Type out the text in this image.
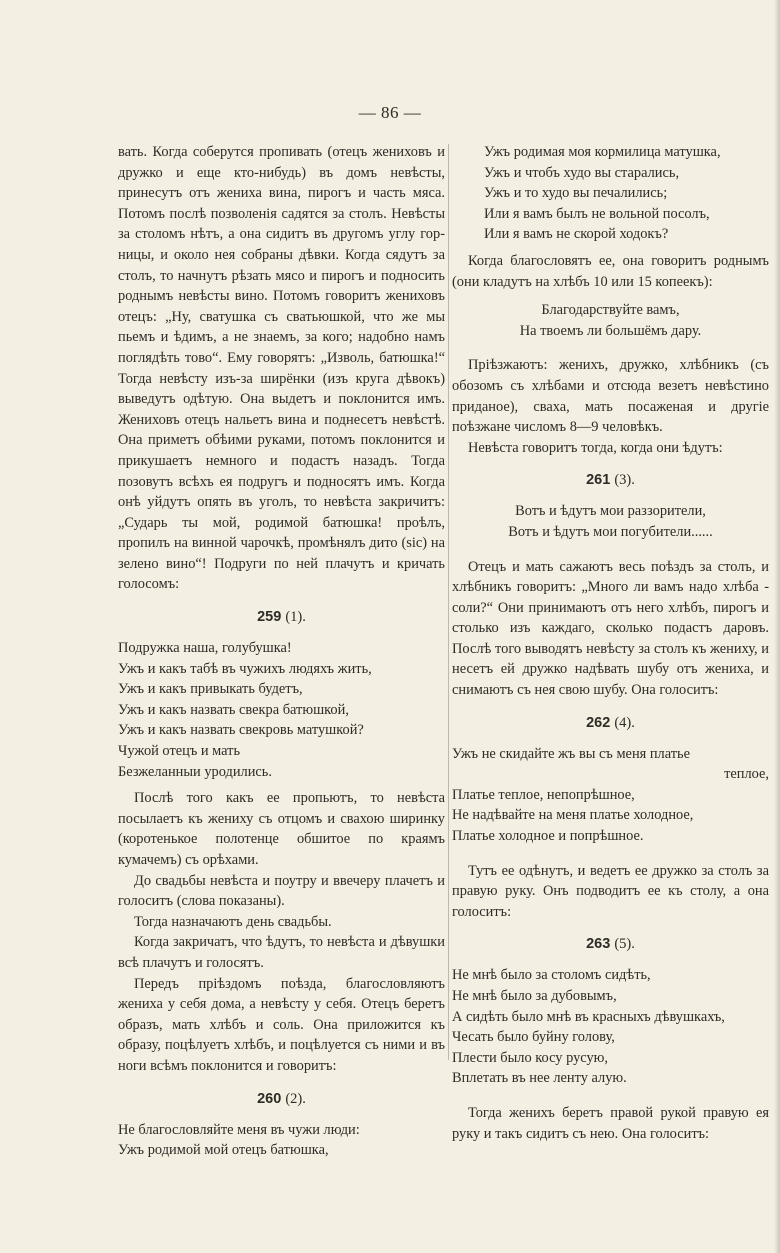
— 86 —

вать. Когда соберутся пропивать (отецъ жениховъ и дружко и еще кто-нибудь) въ домъ невѣсты, принесутъ отъ жениха вина, пирогъ и часть мяса. Потомъ послѣ позволенія садятся за столъ. Невѣсты за столомъ нѣтъ, а она сидитъ въ другомъ углу горницы, и около нея собраны дѣвки. Когда сядутъ за столъ, то начнутъ рѣзать мясо и пирогъ и подносить роднымъ невѣсты вино. Потомъ говоритъ жениховъ отецъ: „Ну, сватушка съ сватьюшкой, что же мы пьемъ и ѣдимъ, а не знаемъ, за кого; надобно намъ поглядѣть тово“. Ему говорятъ: „Изволь, батюшка!“ Тогда невѣсту изъ-за ширёнки (изъ круга дѣвокъ) выведутъ одѣтую. Она выдетъ и поклонится имъ. Жениховъ отецъ нальетъ вина и поднесетъ невѣстѣ. Она приметъ обѣими руками, потомъ поклонится и прикушаетъ немного и подастъ назадъ. Тогда позовутъ всѣхъ ея подругъ и подносятъ имъ. Когда онѣ уйдутъ опять въ уголъ, то невѣста закричитъ: „Сударь ты мой, родимой батюшка! проѣлъ, пропилъ на винной чарочкѣ, промѣнялъ дито (sic) на зелено вино“! Подруги по ней плачутъ и кричать голосомъ:

259 (1).
Подружка наша, голубушка!
Ужъ и какъ табѣ въ чужихъ людяхъ жить,
Ужъ и какъ привыкать будетъ,
Ужъ и какъ назвать свекра батюшкой,
Ужъ и какъ назвать свекровь матушкой?
Чужой отецъ и мать
Безжеланныи уродились.

Послѣ того какъ ее пропьютъ, то невѣста посылаетъ къ жениху съ отцомъ и свахою ширинку (коротенькое полотенце обшитое по краямъ кумачемъ) съ орѣхами.

До свадьбы невѣста и поутру и ввечеру плачетъ и голоситъ (слова показаны).

Тогда назначаютъ день свадьбы.

Когда закричатъ, что ѣдутъ, то невѣста и дѣвушки всѣ плачутъ и голосятъ.

Передъ пріѣздомъ поѣзда, благословляютъ жениха у себя дома, а невѣсту у себя. Отецъ беретъ образъ, мать хлѣбъ и соль. Она приложится къ образу, поцѣлуетъ хлѣбъ, и поцѣлуется съ ними и въ ноги всѣмъ поклонится и говоритъ:

260 (2).
Не благословляйте меня въ чужи люди:
Ужъ родимой мой отецъ батюшка,
Ужъ родимая моя кормилица матушка,
Ужъ и чтобъ худо вы старались,
Ужъ и то худо вы печалились;
Или я вамъ былъ не вольной посолъ,
Или я вамъ не скорой ходокъ?

Когда благословятъ ее, она говоритъ роднымъ (они кладутъ на хлѣбъ 10 или 15 копеекъ):

Благодарствуйте вамъ,
На твоемъ ли большёмъ дару.

Пріѣзжаютъ: женихъ, дружко, хлѣбникъ (съ обозомъ съ хлѣбами и отсюда везетъ невѣстино приданое), сваха, мать посаженая и другіе поѣзжане числомъ 8—9 человѣкъ.

Невѣста говоритъ тогда, когда они ѣдутъ:

261 (3).
Вотъ и ѣдутъ мои раззорители,
Вотъ и ѣдутъ мои погубители......

Отецъ и мать сажаютъ весь поѣздъ за столъ, и хлѣбникъ говоритъ: „Много ли вамъ надо хлѣба - соли?“ Они принимаютъ отъ него хлѣбъ, пирогъ и столько изъ каждаго, сколько подастъ даровъ. Послѣ того выводятъ невѣсту за столъ къ жениху, и несетъ ей дружко надѣвать шубу отъ жениха, и снимаютъ съ нея свою шубу. Она голоситъ:

262 (4).
Ужъ не скидайте жъ вы съ меня платье
теплое,
Платье теплое, непопрѣшное,
Не надѣвайте на меня платье холодное,
Платье холодное и попрѣшное.

Тутъ ее одѣнутъ, и ведетъ ее дружко за столъ за правую руку. Онъ подводитъ ее къ столу, а она голоситъ:

263 (5).
Не мнѣ было за столомъ сидѣть,
Не мнѣ было за дубовымъ,
А сидѣть было мнѣ въ красныхъ дѣвушкахъ,
Чесать было буйну голову,
Плести было косу русую,
Вплетать въ нее ленту алую.

Тогда женихъ беретъ правой рукой правую ея руку и такъ сидитъ съ нею. Она голоситъ:
